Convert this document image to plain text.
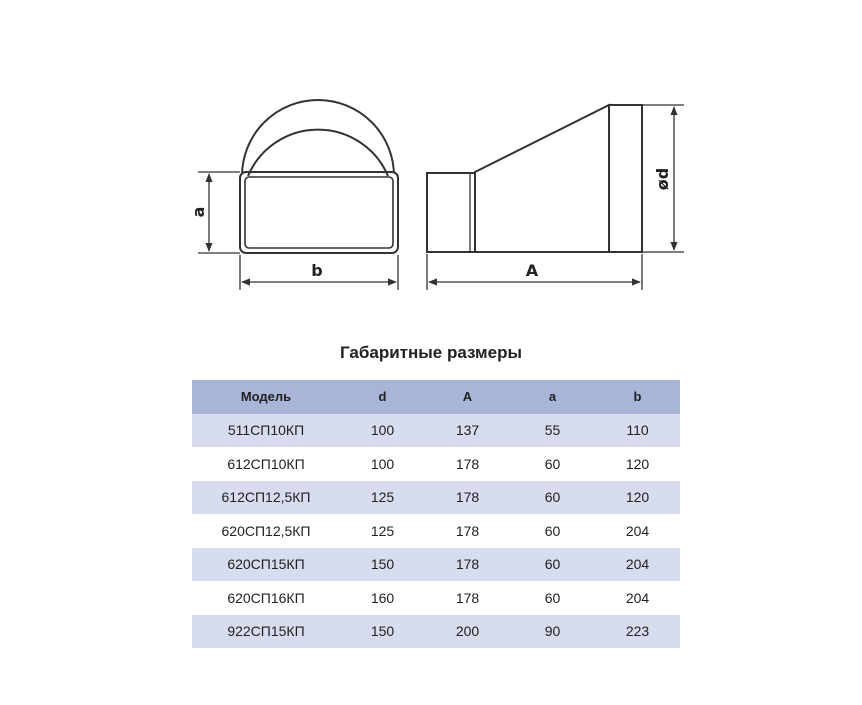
a
b	A
ød
Габаритные размеры
Модель	d	A	a	b
511СП10КП	100	137	55	110
612СП10КП	100	178	60	120
612СП12,5КП	125	178	60	120
620СП12,5КП	125	178	60	204
620СП15КП	150	178	60	204
620СП16КП	160	178	60	204
922СП15КП	150	200	90	223
